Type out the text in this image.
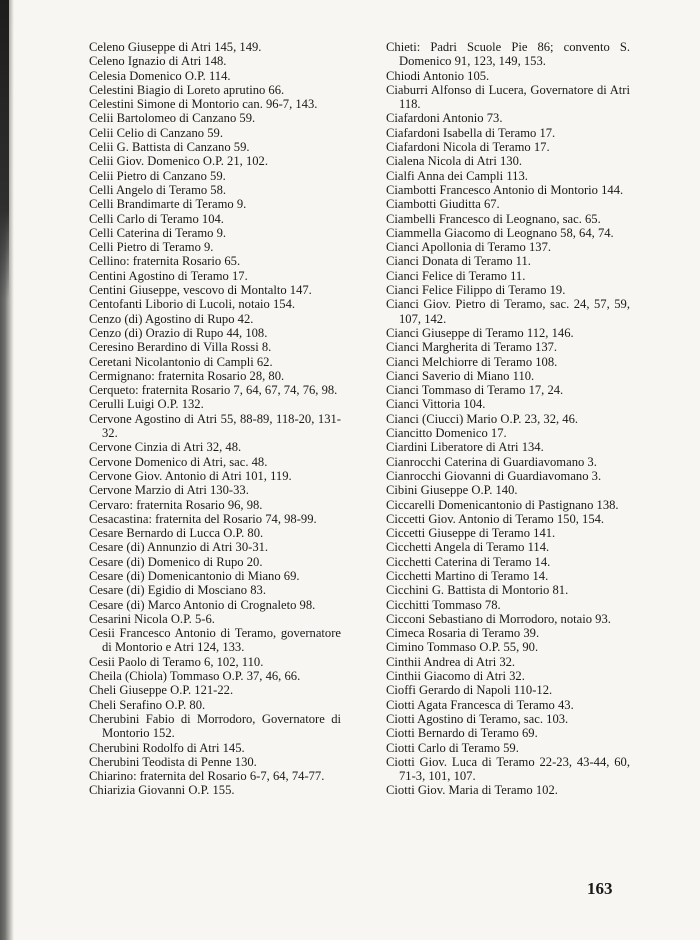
Celeno Giuseppe di Atri 145, 149.

Celeno Ignazio di Atri 148.

Celesia Domenico O.P. 114.

Celestini Biagio di Loreto aprutino 66.

Celestini Simone di Montorio can. 96-7, 143.

Celii Bartolomeo di Canzano 59.

Celii Celio di Canzano 59.

Celii G. Battista di Canzano 59.

Celii Giov. Domenico O.P. 21, 102.

Celii Pietro di Canzano 59.

Celli Angelo di Teramo 58.

Celli Brandimarte di Teramo 9.

Celli Carlo di Teramo 104.

Celli Caterina di Teramo 9.

Celli Pietro di Teramo 9.

Cellino: fraternita Rosario 65.

Centini Agostino di Teramo 17.

Centini Giuseppe, vescovo di Montalto 147.

Centofanti Liborio di Lucoli, notaio 154.

Cenzo (di) Agostino di Rupo 42.

Cenzo (di) Orazio di Rupo 44, 108.

Ceresino Berardino di Villa Rossi 8.

Ceretani Nicolantonio di Campli 62.

Cermignano: fraternita Rosario 28, 80.

Cerqueto: fraternita Rosario 7, 64, 67, 74, 76, 98.

Cerulli Luigi O.P. 132.

Cervone Agostino di Atri 55, 88-89, 118-20, 131-32.

Cervone Cinzia di Atri 32, 48.

Cervone Domenico di Atri, sac. 48.

Cervone Giov. Antonio di Atri 101, 119.

Cervone Marzio di Atri 130-33.

Cervaro: fraternita Rosario 96, 98.

Cesacastina: fraternita del Rosario 74, 98-99.

Cesare Bernardo di Lucca O.P. 80.

Cesare (di) Annunzio di Atri 30-31.

Cesare (di) Domenico di Rupo 20.

Cesare (di) Domenicantonio di Miano 69.

Cesare (di) Egidio di Mosciano 83.

Cesare (di) Marco Antonio di Crognaleto 98.

Cesarini Nicola O.P. 5-6.

Cesii Francesco Antonio di Teramo, governatore di Montorio e Atri 124, 133.

Cesii Paolo di Teramo 6, 102, 110.

Cheila (Chiola) Tommaso O.P. 37, 46, 66.

Cheli Giuseppe O.P. 121-22.

Cheli Serafino O.P. 80.

Cherubini Fabio di Morrodoro, Governatore di Montorio 152.

Cherubini Rodolfo di Atri 145.

Cherubini Teodista di Penne 130.

Chiarino: fraternita del Rosario 6-7, 64, 74-77.

Chiarizia Giovanni O.P. 155.

Chieti: Padri Scuole Pie 86; convento S. Domenico 91, 123, 149, 153.

Chiodi Antonio 105.

Ciaburri Alfonso di Lucera, Governatore di Atri 118.

Ciafardoni Antonio 73.

Ciafardoni Isabella di Teramo 17.

Ciafardoni Nicola di Teramo 17.

Cialena Nicola di Atri 130.

Cialfi Anna dei Campli 113.

Ciambotti Francesco Antonio di Montorio 144.

Ciambotti Giuditta 67.

Ciambelli Francesco di Leognano, sac. 65.

Ciammella Giacomo di Leognano 58, 64, 74.

Cianci Apollonia di Teramo 137.

Cianci Donata di Teramo 11.

Cianci Felice di Teramo 11.

Cianci Felice Filippo di Teramo 19.

Cianci Giov. Pietro di Teramo, sac. 24, 57, 59, 107, 142.

Cianci Giuseppe di Teramo 112, 146.

Cianci Margherita di Teramo 137.

Cianci Melchiorre di Teramo 108.

Cianci Saverio di Miano 110.

Cianci Tommaso di Teramo 17, 24.

Cianci Vittoria 104.

Cianci (Ciucci) Mario O.P. 23, 32, 46.

Ciancitto Domenico 17.

Ciardini Liberatore di Atri 134.

Cianrocchi Caterina di Guardiavomano 3.

Cianrocchi Giovanni di Guardiavomano 3.

Cibini Giuseppe O.P. 140.

Ciccarelli Domenicantonio di Pastignano 138.

Ciccetti Giov. Antonio di Teramo 150, 154.

Ciccetti Giuseppe di Teramo 141.

Cicchetti Angela di Teramo 114.

Cicchetti Caterina di Teramo 14.

Cicchetti Martino di Teramo 14.

Cicchini G. Battista di Montorio 81.

Cicchitti Tommaso 78.

Cicconi Sebastiano di Morrodoro, notaio 93.

Cimeca Rosaria di Teramo 39.

Cimino Tommaso O.P. 55, 90.

Cinthii Andrea di Atri 32.

Cinthii Giacomo di Atri 32.

Cioffi Gerardo di Napoli 110-12.

Ciotti Agata Francesca di Teramo 43.

Ciotti Agostino di Teramo, sac. 103.

Ciotti Bernardo di Teramo 69.

Ciotti Carlo di Teramo 59.

Ciotti Giov. Luca di Teramo 22-23, 43-44, 60, 71-3, 101, 107.

Ciotti Giov. Maria di Teramo 102.

163
